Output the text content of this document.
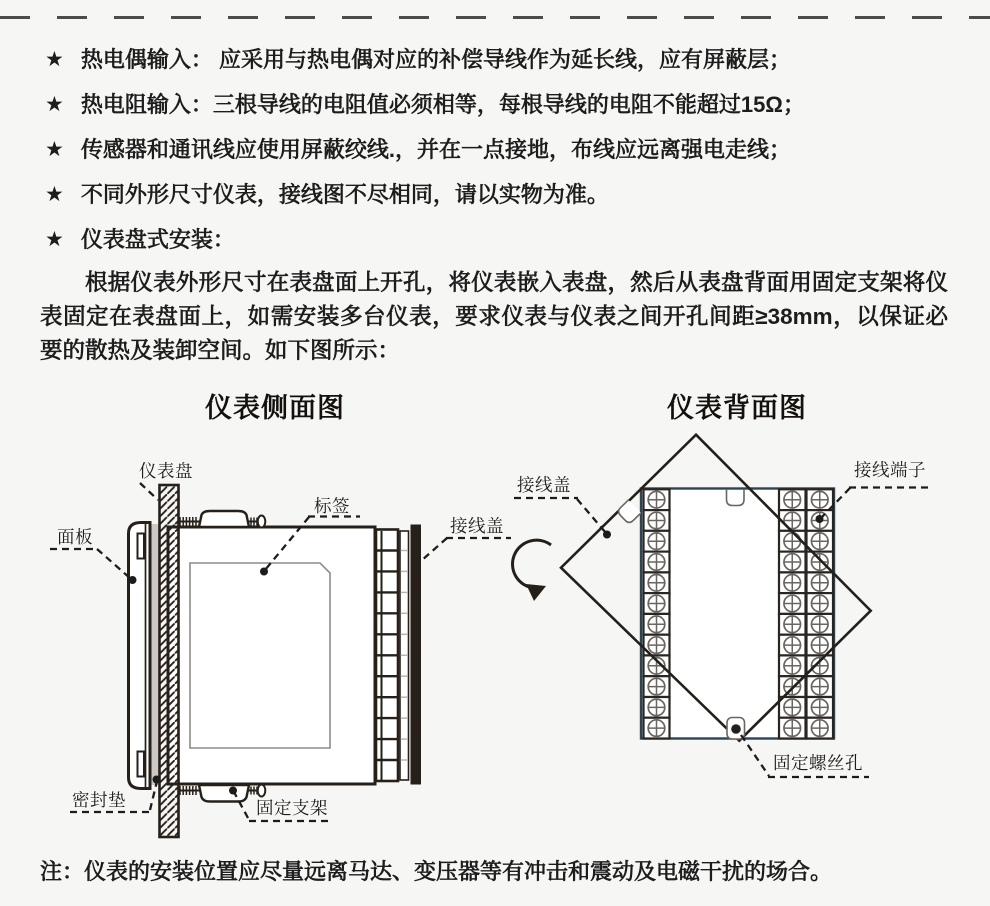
★ 热电偶输入： 应采用与热电偶对应的补偿导线作为延长线，应有屏蔽层；
★ 热电阻输入：三根导线的电阻值必须相等，每根导线的电阻不能超过15Ω；
★ 传感器和通讯线应使用屏蔽绞线.，并在一点接地，布线应远离强电走线；
★ 不同外形尺寸仪表，接线图不尽相同，请以实物为准。
★ 仪表盘式安装：

根据仪表外形尺寸在表盘面上开孔，将仪表嵌入表盘，然后从表盘背面用固定支架将仪表固定在表盘面上，如需安装多台仪表，要求仪表与仪表之间开孔间距≥38mm，以保证必要的散热及装卸空间。如下图所示：

仪表侧面图
仪表盘
面板
标签
接线盖
密封垫	固定支架
仪表背面图
接线盖
接线端子
固定螺丝孔

注：仪表的安装位置应尽量远离马达、变压器等有冲击和震动及电磁干扰的场合。
